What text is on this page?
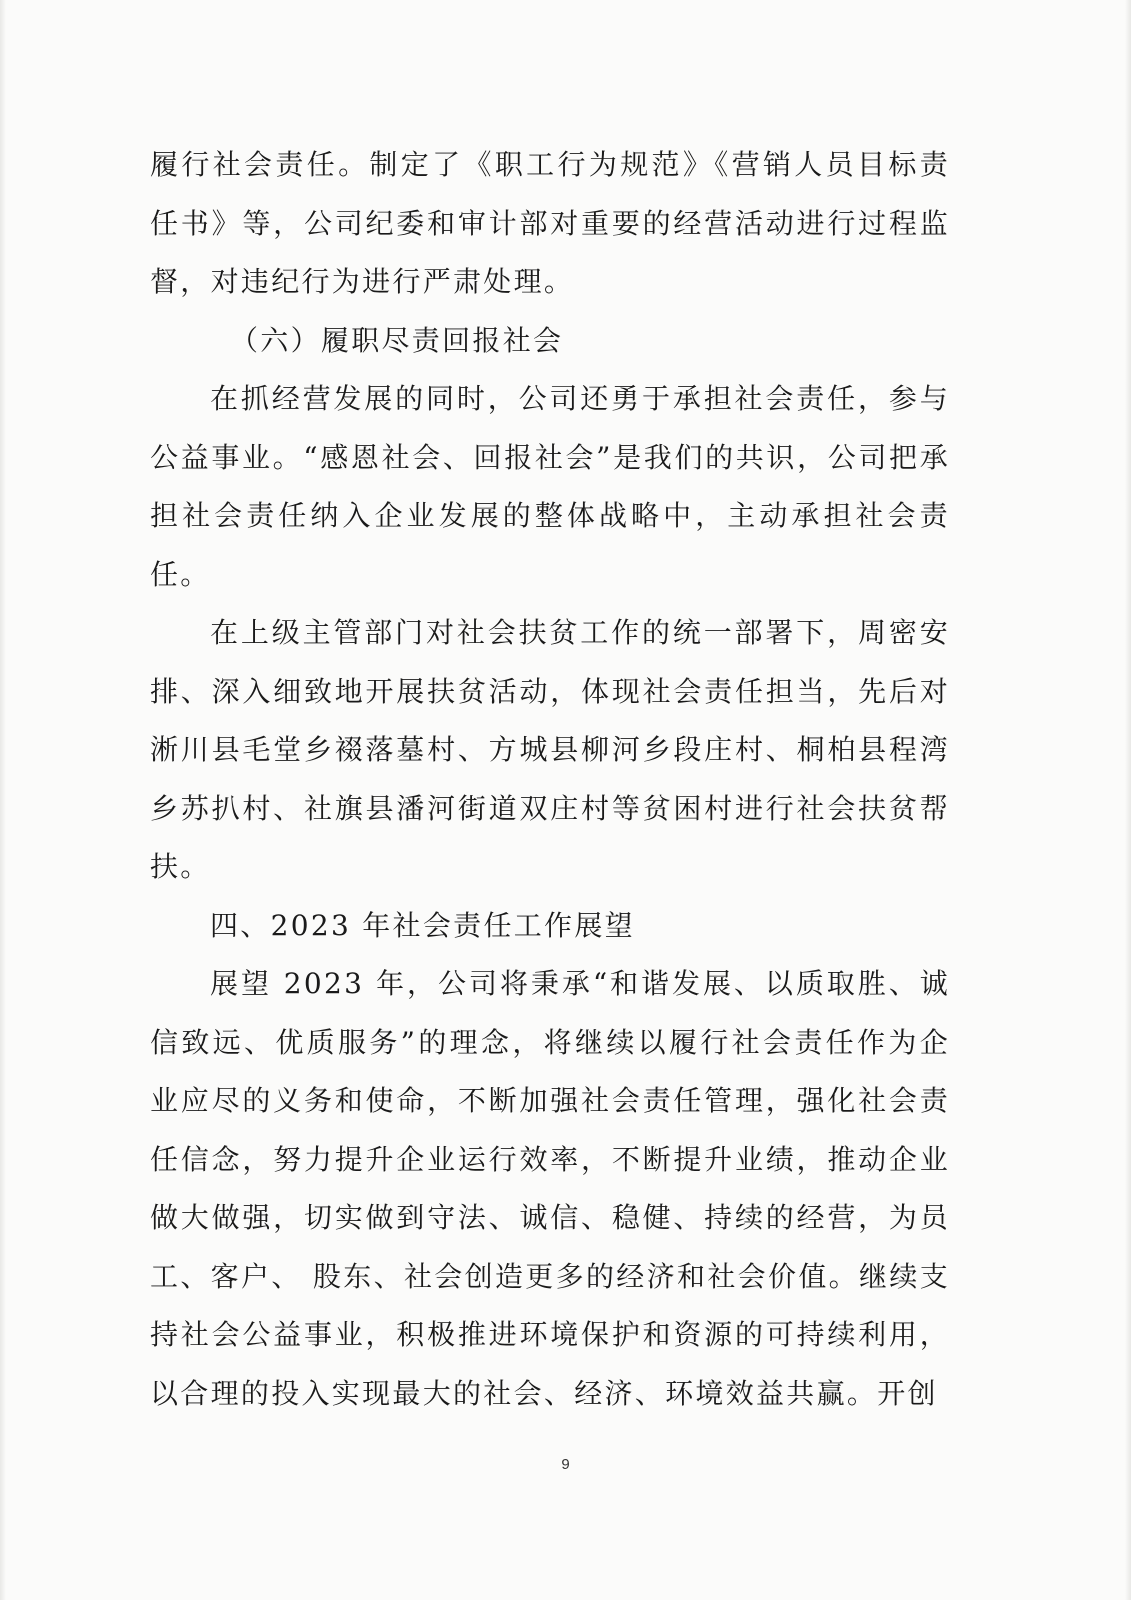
履行社会责任。制定了《职工行为规范》《营销人员目标责任书》等，公司纪委和审计部对重要的经营活动进行过程监督，对违纪行为进行严肃处理。

（六）履职尽责回报社会

在抓经营发展的同时，公司还勇于承担社会责任，参与公益事业。“感恩社会、回报社会”是我们的共识，公司把承担社会责任纳入企业发展的整体战略中，主动承担社会责任。

在上级主管部门对社会扶贫工作的统一部署下，周密安排、深入细致地开展扶贫活动，体现社会责任担当，先后对淅川县毛堂乡裰落墓村、方城县柳河乡段庄村、桐柏县程湾乡苏扒村、社旗县潘河街道双庄村等贫困村进行社会扶贫帮扶。

四、2023 年社会责任工作展望

展望 2023 年，公司将秉承“和谐发展、以质取胜、诚信致远、优质服务”的理念，将继续以履行社会责任作为企业应尽的义务和使命，不断加强社会责任管理，强化社会责任信念，努力提升企业运行效率，不断提升业绩，推动企业做大做强，切实做到守法、诚信、稳健、持续的经营，为员工、客户、 股东、社会创造更多的经济和社会价值。继续支持社会公益事业，积极推进环境保护和资源的可持续利用，以合理的投入实现最大的社会、经济、环境效益共赢。开创

9
